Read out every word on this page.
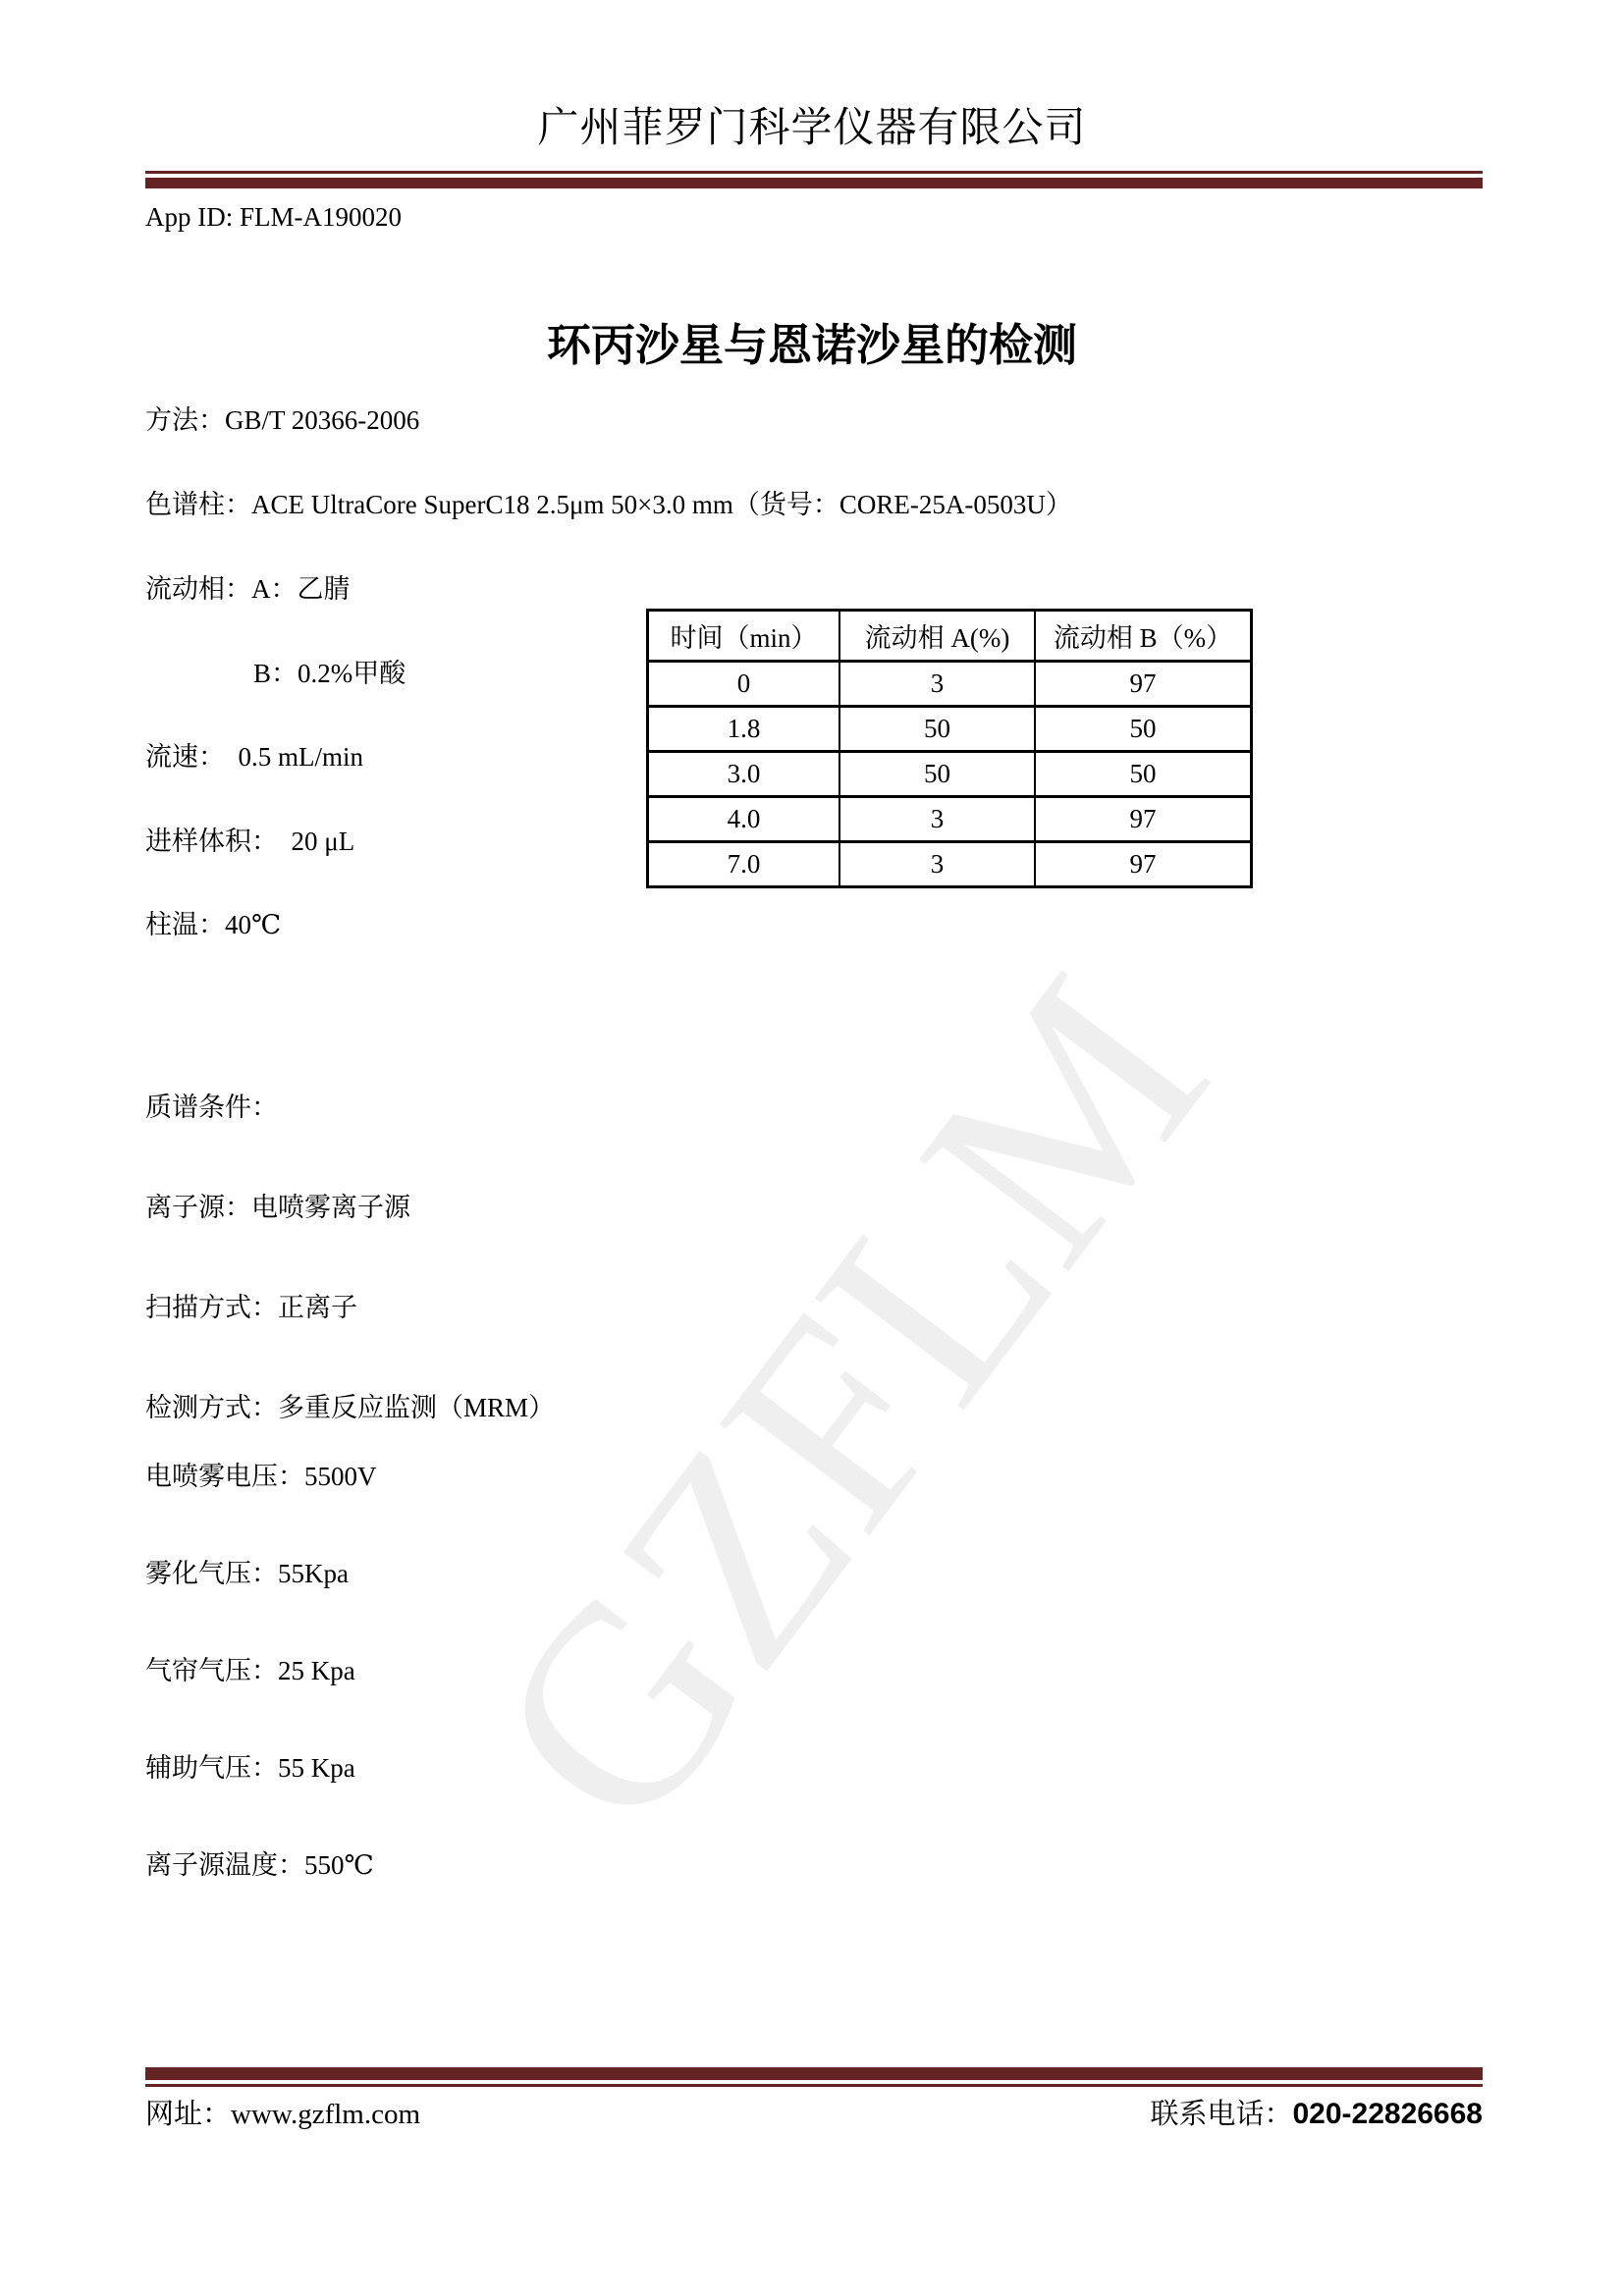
GZFLM
广州菲罗门科学仪器有限公司
App ID: FLM-A190020
环丙沙星与恩诺沙星的检测
方法：GB/T 20366-2006
色谱柱：ACE UltraCore SuperC18 2.5μm 50×3.0 mm（货号：CORE-25A-0503U）
流动相：A：乙腈
B：0.2%甲酸
流速：  0.5 mL/min
进样体积：  20 μL
柱温：40℃
质谱条件：
离子源：电喷雾离子源
扫描方式：正离子
检测方式：多重反应监测（MRM）
电喷雾电压：5500V
雾化气压：55Kpa
气帘气压：25 Kpa
辅助气压：55 Kpa
离子源温度：550℃
时间（min）	流动相 A(%)	流动相 B（%）
0	3	97
1.8	50	50
3.0	50	50
4.0	3	97
7.0	3	97
网址：www.gzflm.com	联系电话：020-22826668
